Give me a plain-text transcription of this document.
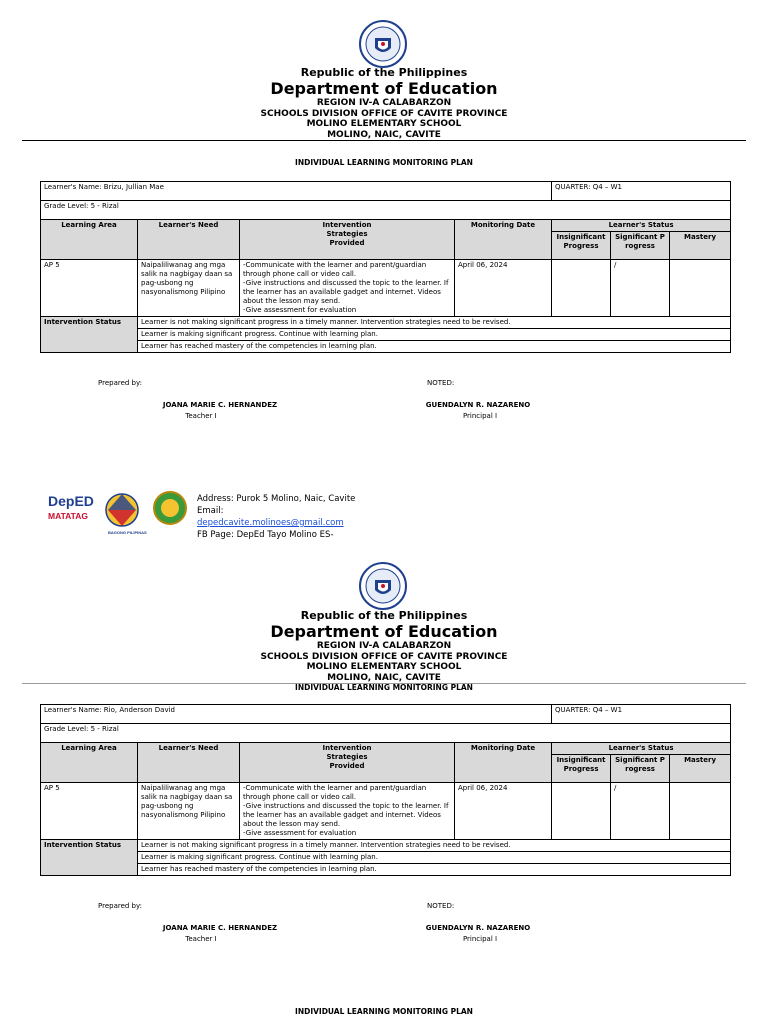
Republic of the Philippines
Department of Education
REGION IV-A CALABARZON
SCHOOLS DIVISION OFFICE OF CAVITE PROVINCE
MOLINO ELEMENTARY SCHOOL
MOLINO, NAIC, CAVITE
INDIVIDUAL LEARNING MONITORING PLAN
Learner's Name: Brizu, Jullian Mae				QUARTER: Q4 – W1		
Grade Level: 5 - Rizal						
Learning Area	Learner's Need	Intervention Strategies Provided	Monitoring Date	Learner's Status		
				Insignificant Progress	Significant Progress	Mastery
AP 5	Naipaliliwanag ang mga salik na nagbigay daan sa pag-usbong ng nasyonalismong Pilipino	-Communicate with the learner and parent/guardian through phone call or video call.
-Give instructions and discussed the topic to the learner. If the learner has an available gadget and internet. Videos about the lesson may send.
-Give assessment for evaluation	April 06, 2024		/	
Intervention Status	Learner is not making significant progress in a timely manner. Intervention strategies need to be revised.					
	Learner is making significant progress. Continue with learning plan.					
	Learner has reached mastery of the competencies in learning plan.					
Prepared by:	NOTED:
JOANA MARIE C. HERNANDEZ	GUENDALYN R. NAZARENO
Teacher I	Principal I
DepED
MATATAG
BAGONG PILIPINAS
Address: Purok 5 Molino, Naic, Cavite
Email:
depedcavite.molinoes@gmail.com
FB Page: DepEd Tayo Molino ES-
Republic of the Philippines
Department of Education
REGION IV-A CALABARZON
SCHOOLS DIVISION OFFICE OF CAVITE PROVINCE
MOLINO ELEMENTARY SCHOOL
MOLINO, NAIC, CAVITE
INDIVIDUAL LEARNING MONITORING PLAN
Learner's Name: Rio, Anderson David				QUARTER: Q4 – W1		
Grade Level: 5 - Rizal						
Learning Area	Learner's Need	Intervention Strategies Provided	Monitoring Date	Learner's Status		
				Insignificant Progress	Significant Progress	Mastery
AP 5	Naipaliliwanag ang mga salik na nagbigay daan sa pag-usbong ng nasyonalismong Pilipino	-Communicate with the learner and parent/guardian through phone call or video call.
-Give instructions and discussed the topic to the learner. If the learner has an available gadget and internet. Videos about the lesson may send.
-Give assessment for evaluation	April 06, 2024		/	
Intervention Status	Learner is not making significant progress in a timely manner. Intervention strategies need to be revised.					
	Learner is making significant progress. Continue with learning plan.					
	Learner has reached mastery of the competencies in learning plan.					
Prepared by:	NOTED:
JOANA MARIE C. HERNANDEZ	GUENDALYN R. NAZARENO
Teacher I	Principal I
INDIVIDUAL LEARNING MONITORING PLAN
